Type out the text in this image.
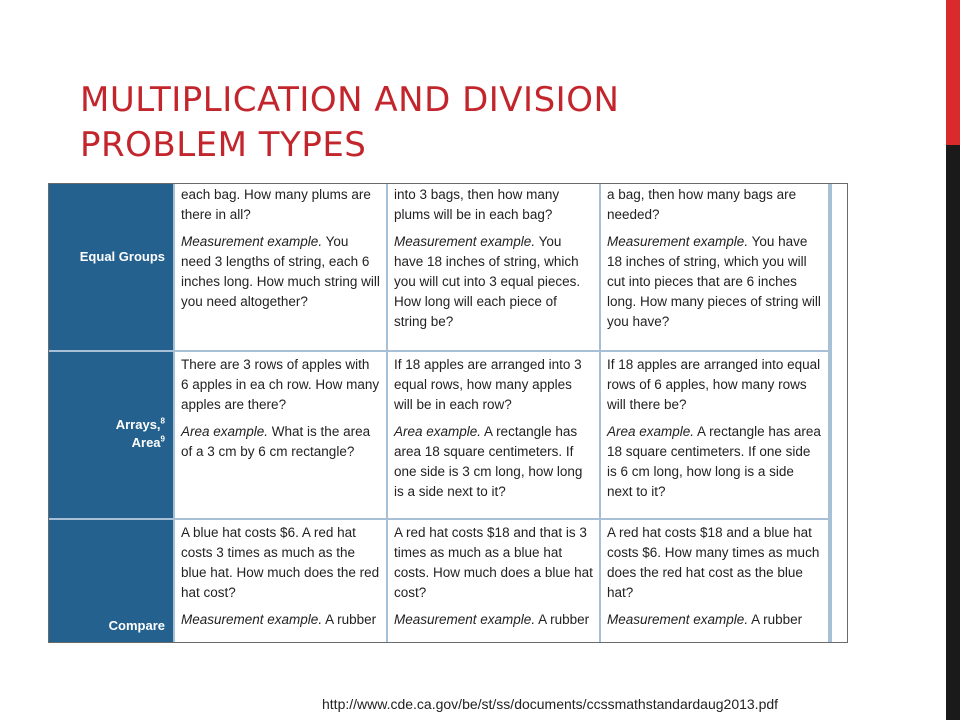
MULTIPLICATION AND DIVISION
PROBLEM TYPES
Equal Groups
Arrays,$^8$
Area$^9$
Compare

each bag. How many plums are there in all?

Measurement example. You need 3 lengths of string, each 6 inches long. How much string will you need altogether?

into 3 bags, then how many plums will be in each bag?

Measurement example. You have 18 inches of string, which you will cut into 3 equal pieces. How long will each piece of string be?

a bag, then how many bags are needed?

Measurement example. You have 18 inches of string, which you will cut into pieces that are 6 inches long. How many pieces of string will you have?

There are 3 rows of apples with 6 apples in ea ch row. How many apples are there?

Area example. What is the area of a 3 cm by 6 cm rectangle?

If 18 apples are arranged into 3 equal rows, how many apples will be in each row?

Area example. A rectangle has area 18 square centimeters. If one side is 3 cm long, how long is a side next to it?

If 18 apples are arranged into equal rows of 6 apples, how many rows will there be?

Area example. A rectangle has area 18 square centimeters. If one side is 6 cm long, how long is a side next to it?

A blue hat costs $6. A red hat costs 3 times as much as the blue hat. How much does the red hat cost?

Measurement example. A rubber

A red hat costs $18 and that is 3 times as much as a blue hat costs. How much does a blue hat cost?

Measurement example. A rubber

A red hat costs $18 and a blue hat costs $6. How many times as much does the red hat cost as the blue hat?

Measurement example. A rubber

http://www.cde.ca.gov/be/st/ss/documents/ccssmathstandardaug2013.pdf
